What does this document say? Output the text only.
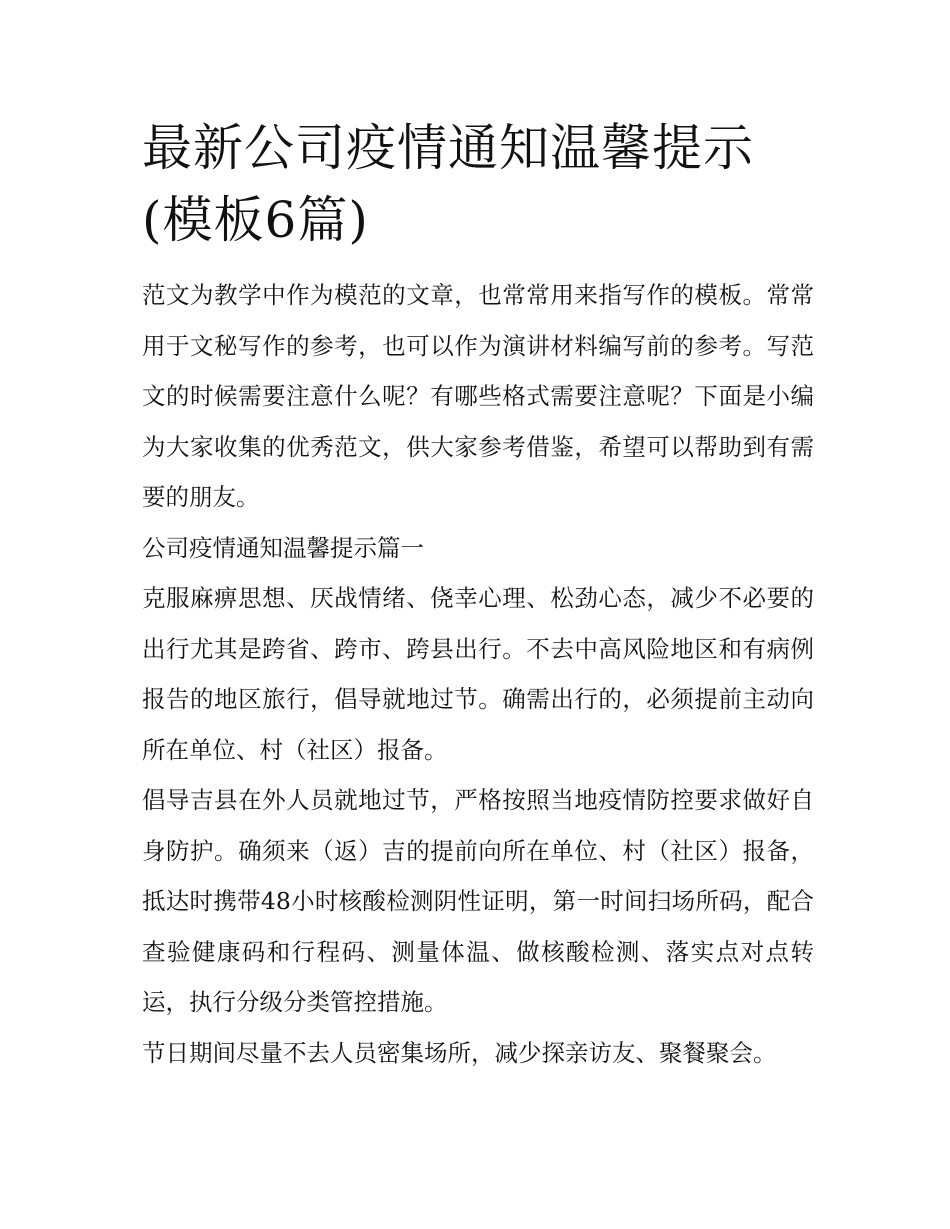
最新公司疫情通知温馨提示(模板6篇)

范文为教学中作为模范的文章，也常常用来指写作的模板。常常用于文秘写作的参考，也可以作为演讲材料编写前的参考。写范文的时候需要注意什么呢？有哪些格式需要注意呢？下面是小编为大家收集的优秀范文，供大家参考借鉴，希望可以帮助到有需要的朋友。

公司疫情通知温馨提示篇一

克服麻痹思想、厌战情绪、侥幸心理、松劲心态，减少不必要的出行尤其是跨省、跨市、跨县出行。不去中高风险地区和有病例报告的地区旅行，倡导就地过节。确需出行的，必须提前主动向所在单位、村（社区）报备。

倡导吉县在外人员就地过节，严格按照当地疫情防控要求做好自身防护。确须来（返）吉的提前向所在单位、村（社区）报备，抵达时携带48小时核酸检测阴性证明，第一时间扫场所码，配合查验健康码和行程码、测量体温、做核酸检测、落实点对点转运，执行分级分类管控措施。

节日期间尽量不去人员密集场所，减少探亲访友、聚餐聚会。
